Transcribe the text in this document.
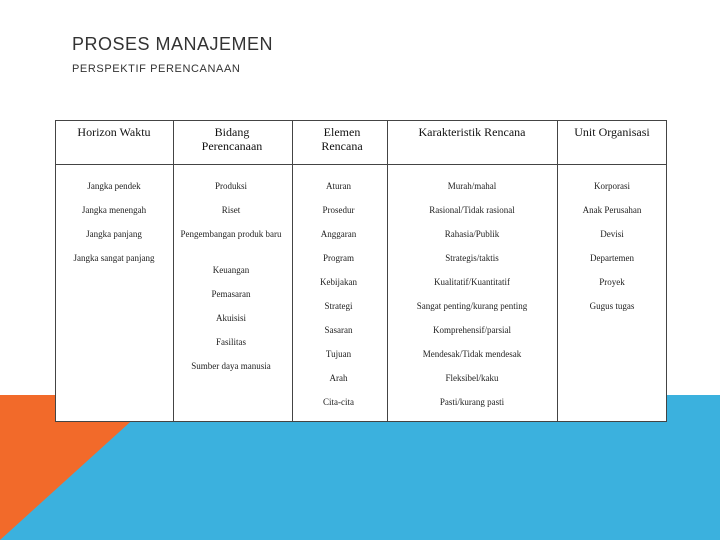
PROSES MANAJEMEN
PERSPEKTIF PERENCANAAN
Horizon Waktu	Bidang Perencanaan
Elemen Rencana
Karakteristik Rencana	Unit Organisasi
Jangka pendek
Jangka menengah
Jangka panjang
Jangka sangat panjang
Produksi
Riset
Pengembangan produk baru
Keuangan
Pemasaran
Akuisisi
Fasilitas
Sumber daya manusia
Aturan
Prosedur
Anggaran
Program
Kebijakan
Strategi
Sasaran
Tujuan
Arah
Cita-cita
Murah/mahal
Rasional/Tidak rasional
Rahasia/Publik
Strategis/taktis
Kualitatif/Kuantitatif
Sangat penting/kurang penting
Komprehensif/parsial
Mendesak/Tidak mendesak
Fleksibel/kaku
Pasti/kurang pasti
Korporasi
Anak Perusahan
Devisi
Departemen
Proyek
Gugus tugas
